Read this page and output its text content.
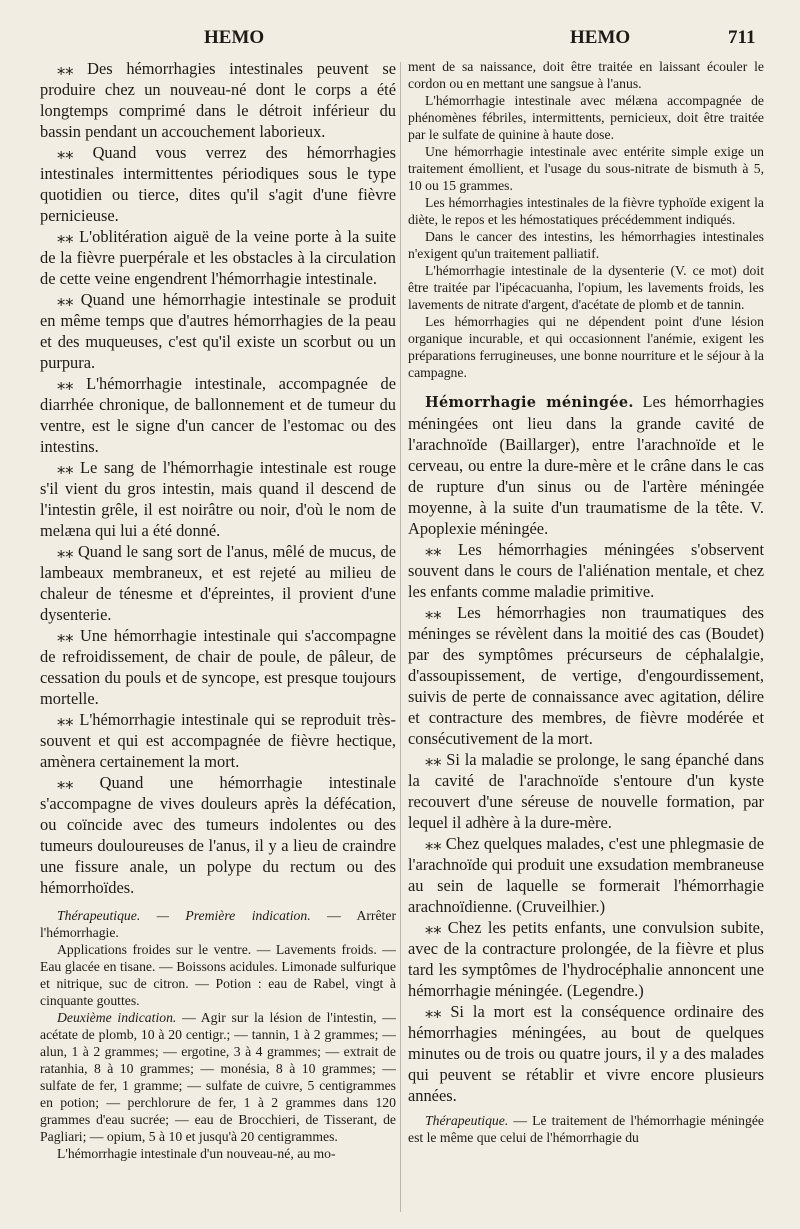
HEMO	HEMO	711

⁎⁎ Des hémorrhagies intestinales peuvent se produire chez un nouveau-né dont le corps a été longtemps comprimé dans le détroit inférieur du bassin pendant un accouchement laborieux.

⁎⁎ Quand vous verrez des hémorrhagies intestinales intermittentes périodiques sous le type quotidien ou tierce, dites qu'il s'agit d'une fièvre pernicieuse.

⁎⁎ L'oblitération aiguë de la veine porte à la suite de la fièvre puerpérale et les obstacles à la circulation de cette veine engendrent l'hémorrhagie intestinale.

⁎⁎ Quand une hémorrhagie intestinale se produit en même temps que d'autres hémorrhagies de la peau et des muqueuses, c'est qu'il existe un scorbut ou un purpura.

⁎⁎ L'hémorrhagie intestinale, accompagnée de diarrhée chronique, de ballonnement et de tumeur du ventre, est le signe d'un cancer de l'estomac ou des intestins.

⁎⁎ Le sang de l'hémorrhagie intestinale est rouge s'il vient du gros intestin, mais quand il descend de l'intestin grêle, il est noirâtre ou noir, d'où le nom de melæna qui lui a été donné.

⁎⁎ Quand le sang sort de l'anus, mêlé de mucus, de lambeaux membraneux, et est rejeté au milieu de chaleur de ténesme et d'épreintes, il provient d'une dysenterie.

⁎⁎ Une hémorrhagie intestinale qui s'accompagne de refroidissement, de chair de poule, de pâleur, de cessation du pouls et de syncope, est presque toujours mortelle.

⁎⁎ L'hémorrhagie intestinale qui se reproduit très-souvent et qui est accompagnée de fièvre hectique, amènera certainement la mort.

⁎⁎ Quand une hémorrhagie intestinale s'accompagne de vives douleurs après la défécation, ou coïncide avec des tumeurs indolentes ou des tumeurs douloureuses de l'anus, il y a lieu de craindre une fissure anale, un polype du rectum ou des hémorrhoïdes.

Thérapeutique. — Première indication. — Arrêter l'hémorrhagie.

Applications froides sur le ventre. — Lavements froids. — Eau glacée en tisane. — Boissons acidules. Limonade sulfurique et nitrique, suc de citron. — Potion : eau de Rabel, vingt à cinquante gouttes.

Deuxième indication. — Agir sur la lésion de l'intestin, — acétate de plomb, 10 à 20 centigr.; — tannin, 1 à 2 grammes; — alun, 1 à 2 grammes; — ergotine, 3 à 4 grammes; — extrait de ratanhia, 8 à 10 grammes; — monésia, 8 à 10 grammes; — sulfate de fer, 1 gramme; — sulfate de cuivre, 5 centigrammes en potion; — perchlorure de fer, 1 à 2 grammes dans 120 grammes d'eau sucrée; — eau de Brocchieri, de Tisserant, de Pagliari; — opium, 5 à 10 et jusqu'à 20 centigrammes.

L'hémorrhagie intestinale d'un nouveau-né, au mo-

ment de sa naissance, doit être traitée en laissant écouler le cordon ou en mettant une sangsue à l'anus.

L'hémorrhagie intestinale avec mélæna accompagnée de phénomènes fébriles, intermittents, pernicieux, doit être traitée par le sulfate de quinine à haute dose.

Une hémorrhagie intestinale avec entérite simple exige un traitement émollient, et l'usage du sous-nitrate de bismuth à 5, 10 ou 15 grammes.

Les hémorrhagies intestinales de la fièvre typhoïde exigent la diète, le repos et les hémostatiques précédemment indiqués.

Dans le cancer des intestins, les hémorrhagies intestinales n'exigent qu'un traitement palliatif.

L'hémorrhagie intestinale de la dysenterie (V. ce mot) doit être traitée par l'ipécacuanha, l'opium, les lavements froids, les lavements de nitrate d'argent, d'acétate de plomb et de tannin.

Les hémorrhagies qui ne dépendent point d'une lésion organique incurable, et qui occasionnent l'anémie, exigent les préparations ferrugineuses, une bonne nourriture et le séjour à la campagne.

Hémorrhagie méningée. Les hémorrhagies méningées ont lieu dans la grande cavité de l'arachnoïde (Baillarger), entre l'arachnoïde et le cerveau, ou entre la dure-mère et le crâne dans le cas de rupture d'un sinus ou de l'artère méningée moyenne, à la suite d'un traumatisme de la tête. V. Apoplexie méningée.

⁎⁎ Les hémorrhagies méningées s'observent souvent dans le cours de l'aliénation mentale, et chez les enfants comme maladie primitive.

⁎⁎ Les hémorrhagies non traumatiques des méninges se révèlent dans la moitié des cas (Boudet) par des symptômes précurseurs de céphalalgie, d'assoupissement, de vertige, d'engourdissement, suivis de perte de connaissance avec agitation, délire et contracture des membres, de fièvre modérée et consécutivement de la mort.

⁎⁎ Si la maladie se prolonge, le sang épanché dans la cavité de l'arachnoïde s'entoure d'un kyste recouvert d'une séreuse de nouvelle formation, par lequel il adhère à la dure-mère.

⁎⁎ Chez quelques malades, c'est une phlegmasie de l'arachnoïde qui produit une exsudation membraneuse au sein de laquelle se formerait l'hémorrhagie arachnoïdienne. (Cruveilhier.)

⁎⁎ Chez les petits enfants, une convulsion subite, avec de la contracture prolongée, de la fièvre et plus tard les symptômes de l'hydrocéphalie annoncent une hémorrhagie méningée. (Legendre.)

⁎⁎ Si la mort est la conséquence ordinaire des hémorrhagies méningées, au bout de quelques minutes ou de trois ou quatre jours, il y a des malades qui peuvent se rétablir et vivre encore plusieurs années.

Thérapeutique. — Le traitement de l'hémorrhagie méningée est le même que celui de l'hémorrhagie du
